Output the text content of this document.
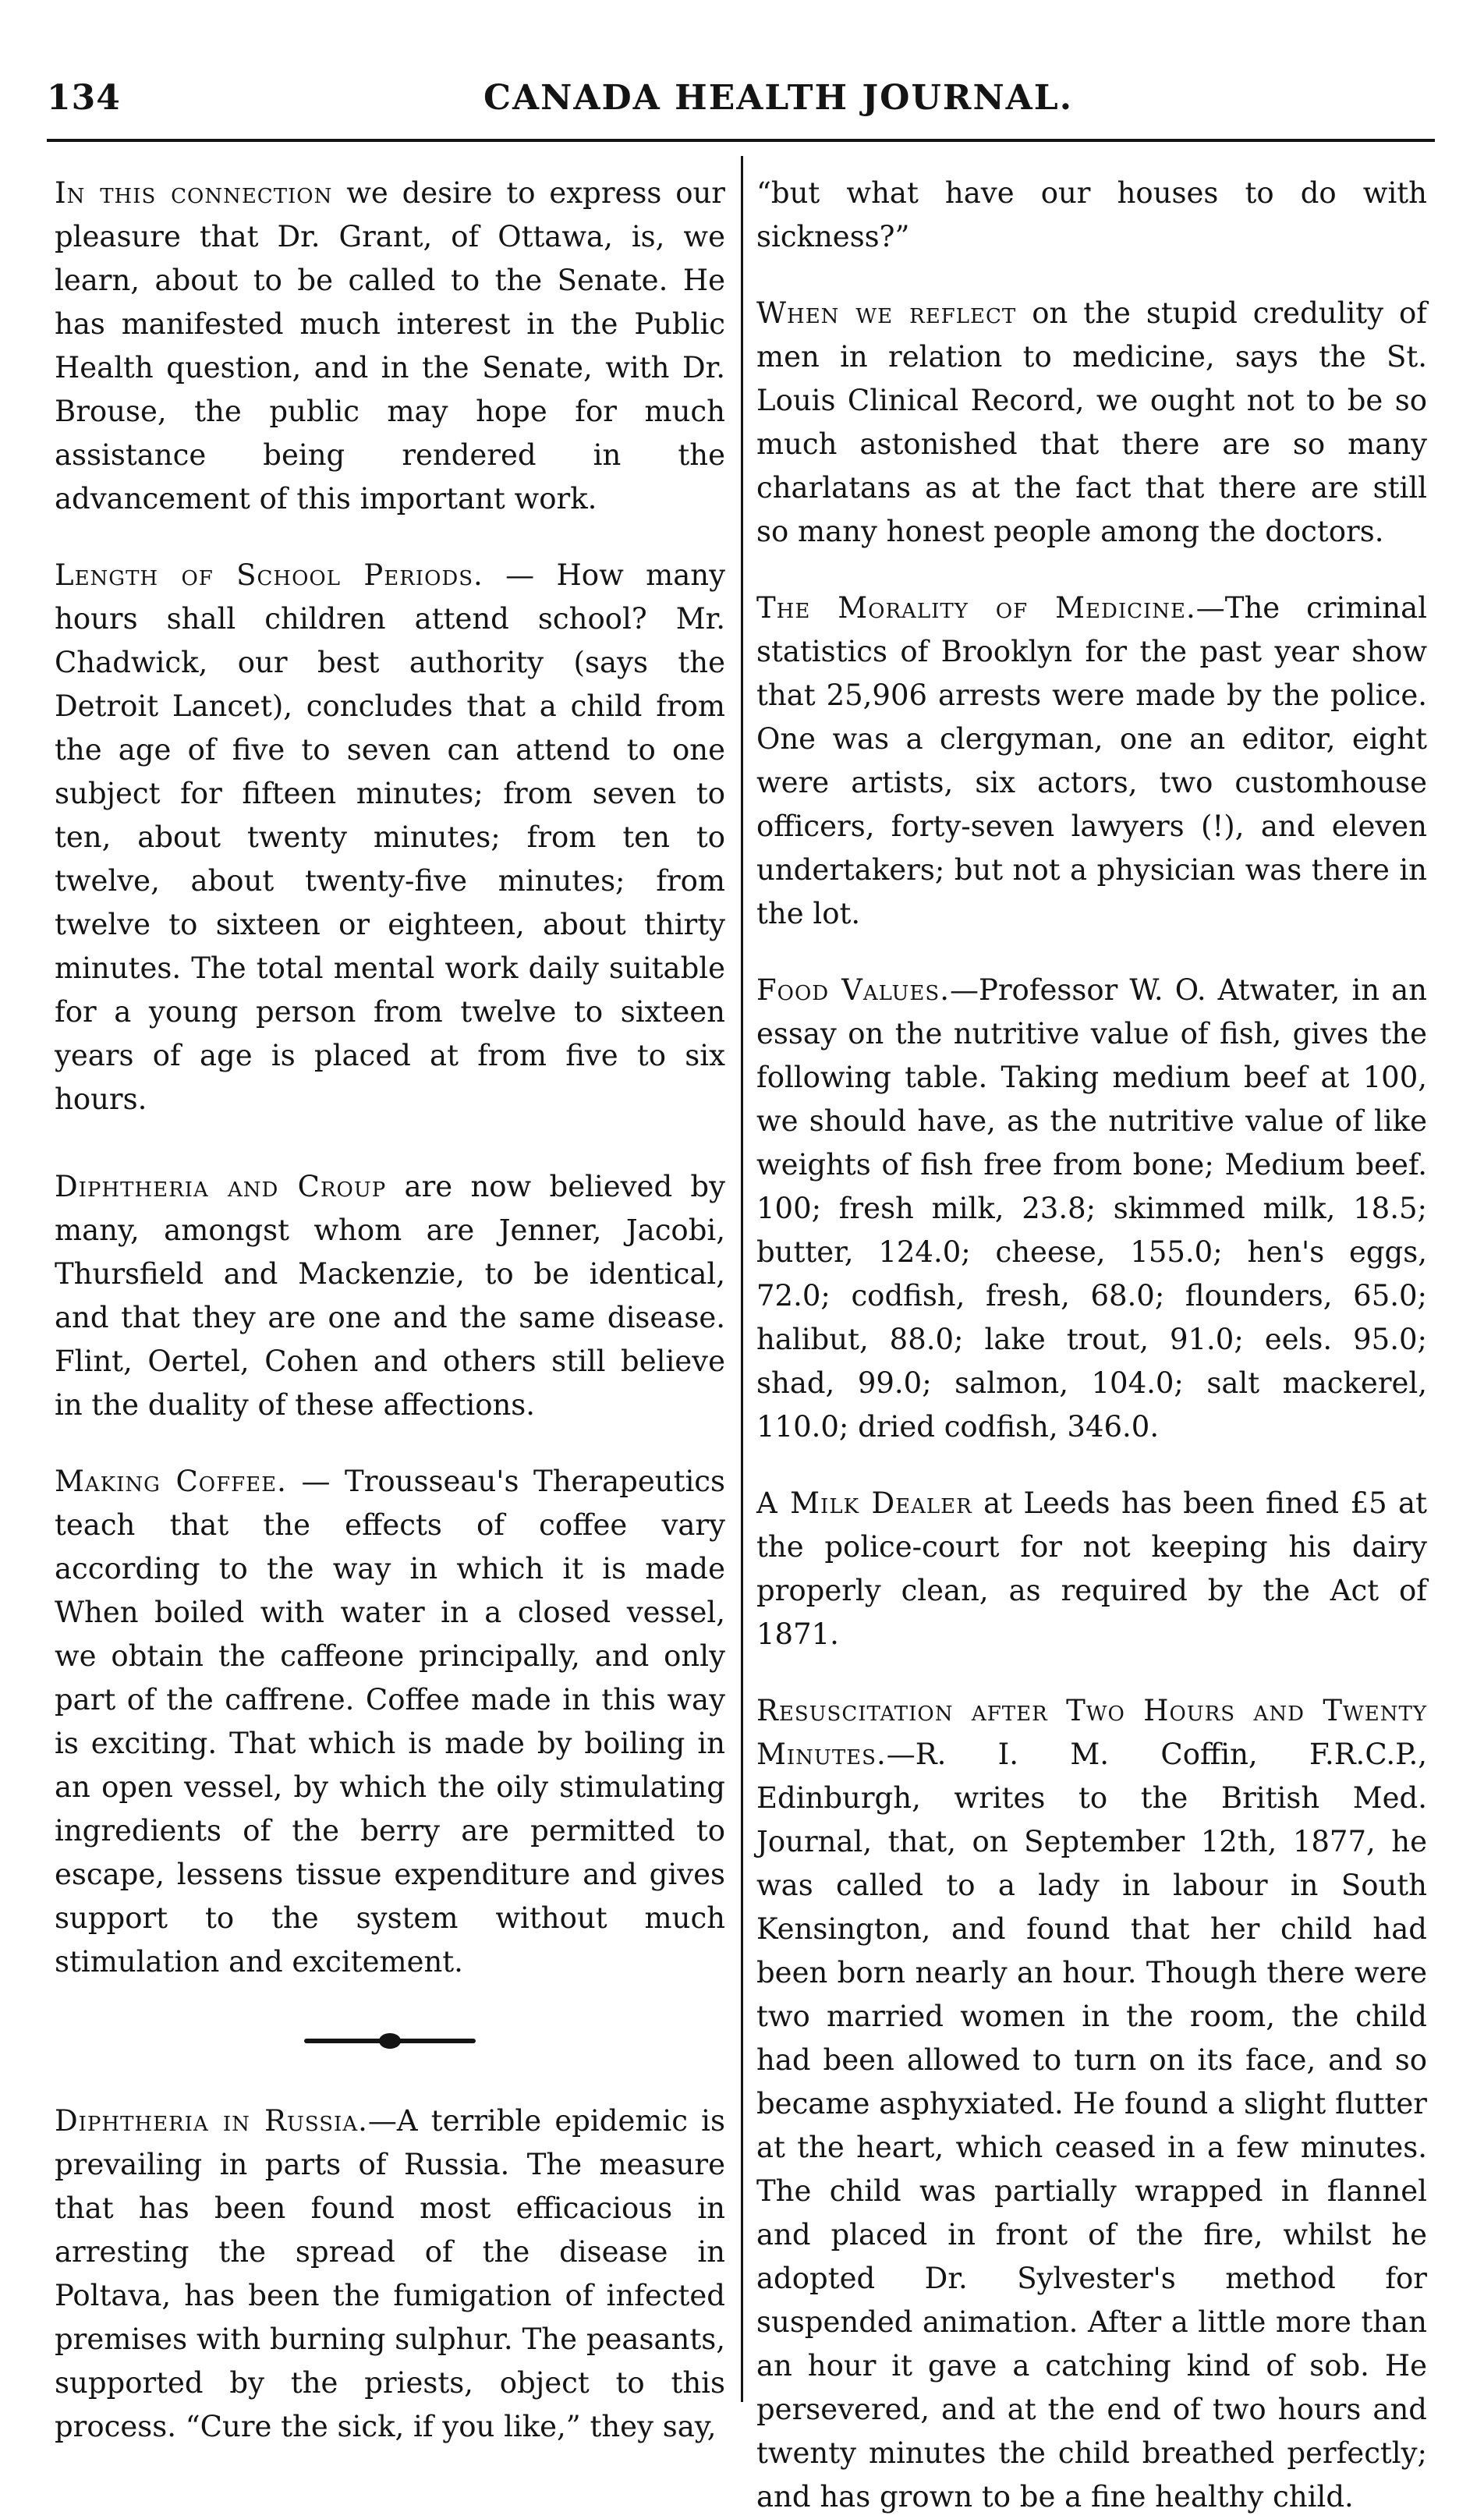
134	CANADA HEALTH JOURNAL.

In this connection we desire to express our pleasure that Dr. Grant, of Ottawa, is, we learn, about to be called to the Senate. He has manifested much interest in the Public Health question, and in the Senate, with Dr. Brouse, the public may hope for much assistance being rendered in the advancement of this important work.

Length of School Periods. — How many hours shall children attend school? Mr. Chadwick, our best authority (says the Detroit Lancet), concludes that a child from the age of five to seven can attend to one subject for fifteen minutes; from seven to ten, about twenty minutes; from ten to twelve, about twenty-five minutes; from twelve to sixteen or eighteen, about thirty minutes. The total mental work daily suitable for a young person from twelve to sixteen years of age is placed at from five to six hours.

Diphtheria and Croup are now believed by many, amongst whom are Jenner, Jacobi, Thursfield and Mackenzie, to be identical, and that they are one and the same disease. Flint, Oertel, Cohen and others still believe in the duality of these affections.

Making Coffee. — Trousseau's Therapeutics teach that the effects of coffee vary according to the way in which it is made When boiled with water in a closed vessel, we obtain the caffeone principally, and only part of the caffrene. Coffee made in this way is exciting. That which is made by boiling in an open vessel, by which the oily stimulating ingredients of the berry are permitted to escape, lessens tissue expenditure and gives support to the system without much stimulation and excitement.

Diphtheria in Russia.—A terrible epidemic is prevailing in parts of Russia. The measure that has been found most efficacious in arresting the spread of the disease in Poltava, has been the fumigation of infected premises with burning sulphur. The peasants, supported by the priests, object to this process. “Cure the sick, if you like,” they say,

“but what have our houses to do with sickness?”

When we reflect on the stupid credulity of men in relation to medicine, says the St. Louis Clinical Record, we ought not to be so much astonished that there are so many charlatans as at the fact that there are still so many honest people among the doctors.

The Morality of Medicine.—The criminal statistics of Brooklyn for the past year show that 25,906 arrests were made by the police. One was a clergyman, one an editor, eight were artists, six actors, two customhouse officers, forty-seven lawyers (!), and eleven undertakers; but not a physician was there in the lot.

Food Values.—Professor W. O. Atwater, in an essay on the nutritive value of fish, gives the following table. Taking medium beef at 100, we should have, as the nutritive value of like weights of fish free from bone; Medium beef. 100; fresh milk, 23.8; skimmed milk, 18.5; butter, 124.0; cheese, 155.0; hen's eggs, 72.0; codfish, fresh, 68.0; flounders, 65.0; halibut, 88.0; lake trout, 91.0; eels. 95.0; shad, 99.0; salmon, 104.0; salt mackerel, 110.0; dried codfish, 346.0.

A Milk Dealer at Leeds has been fined £5 at the police-court for not keeping his dairy properly clean, as required by the Act of 1871.

Resuscitation after Two Hours and Twenty Minutes.—R. I. M. Coffin, F.R.C.P., Edinburgh, writes to the British Med. Journal, that, on September 12th, 1877, he was called to a lady in labour in South Kensington, and found that her child had been born nearly an hour. Though there were two married women in the room, the child had been allowed to turn on its face, and so became asphyxiated. He found a slight flutter at the heart, which ceased in a few minutes. The child was partially wrapped in flannel and placed in front of the fire, whilst he adopted Dr. Sylvester's method for suspended animation. After a little more than an hour it gave a catching kind of sob. He persevered, and at the end of two hours and twenty minutes the child breathed perfectly; and has grown to be a fine healthy child.
